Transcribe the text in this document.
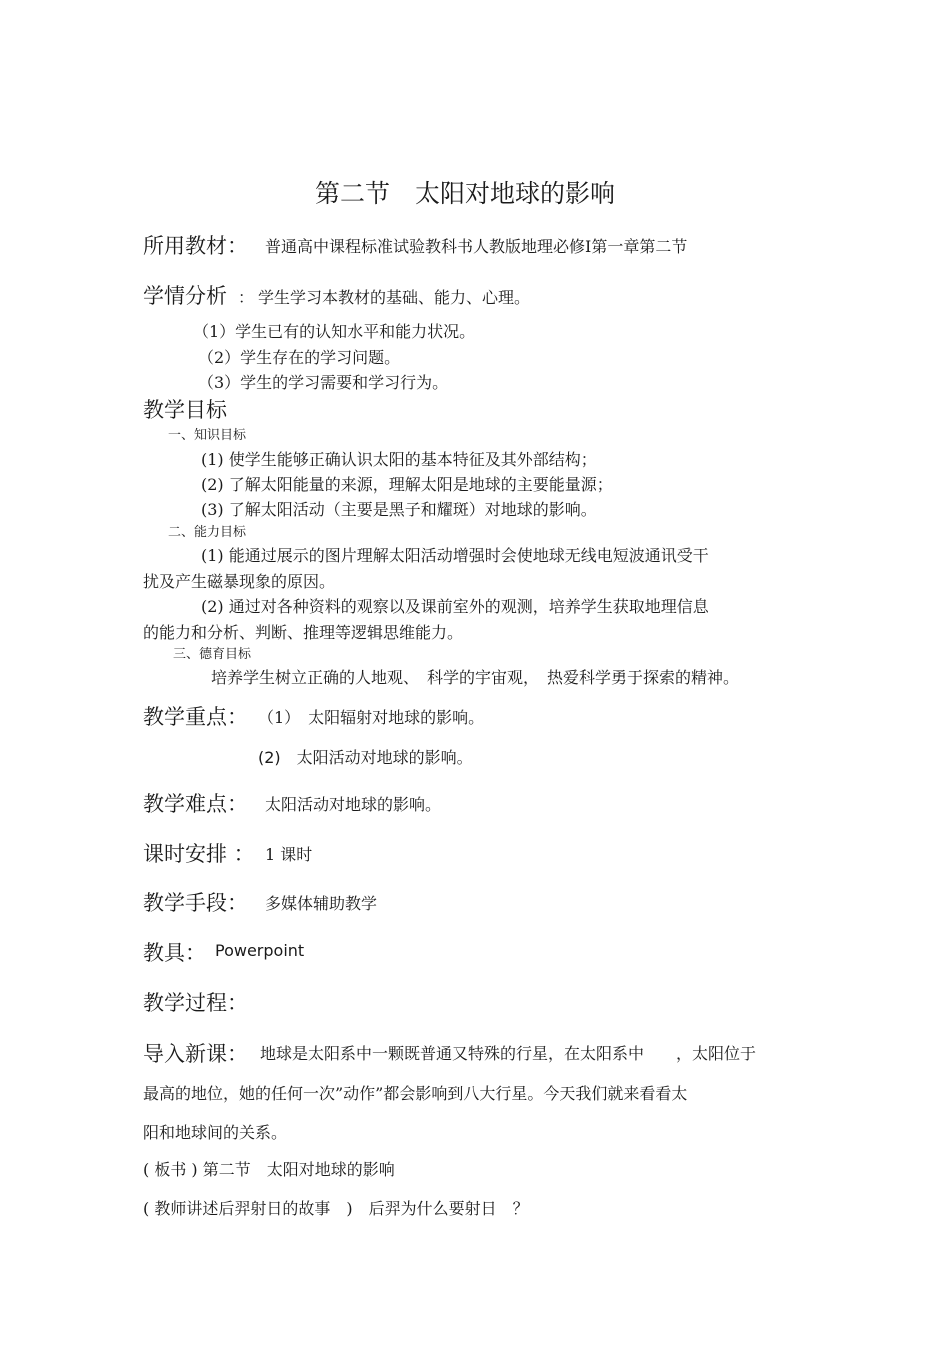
第二节　太阳对地球的影响
所用教材： 普通高中课程标准试验教科书人教版地理必修Ⅰ第一章第二节
学情分析 ： 学生学习本教材的基础、能力、心理。
（1）学生已有的认知水平和能力状况。
（2）学生存在的学习问题。
（3）学生的学习需要和学习行为。
教学目标
一、知识目标
(1) 使学生能够正确认识太阳的基本特征及其外部结构；
(2) 了解太阳能量的来源，理解太阳是地球的主要能量源；
(3) 了解太阳活动（主要是黑子和耀斑）对地球的影响。
二、能力目标
(1) 能通过展示的图片理解太阳活动增强时会使地球无线电短波通讯受干
扰及产生磁暴现象的原因。
(2) 通过对各种资料的观察以及课前室外的观测，培养学生获取地理信息
的能力和分析、判断、推理等逻辑思维能力。
三、德育目标
培养学生树立正确的人地观、　科学的宇宙观，　热爱科学勇于探索的精神。
教学重点： （1）　太阳辐射对地球的影响。
(2)　太阳活动对地球的影响。
教学难点： 太阳活动对地球的影响。
课时安排 ： 1 课时
教学手段： 多媒体辅助教学
教具： Powerpoint
教学过程：
导入新课： 地球是太阳系中一颗既普通又特殊的行星，在太阳系中　　，太阳位于
最高的地位，她的任何一次”动作”都会影响到八大行星。今天我们就来看看太
阳和地球间的关系。
( 板书 ) 第二节　太阳对地球的影响
( 教师讲述后羿射日的故事　)　后羿为什么要射日　？
